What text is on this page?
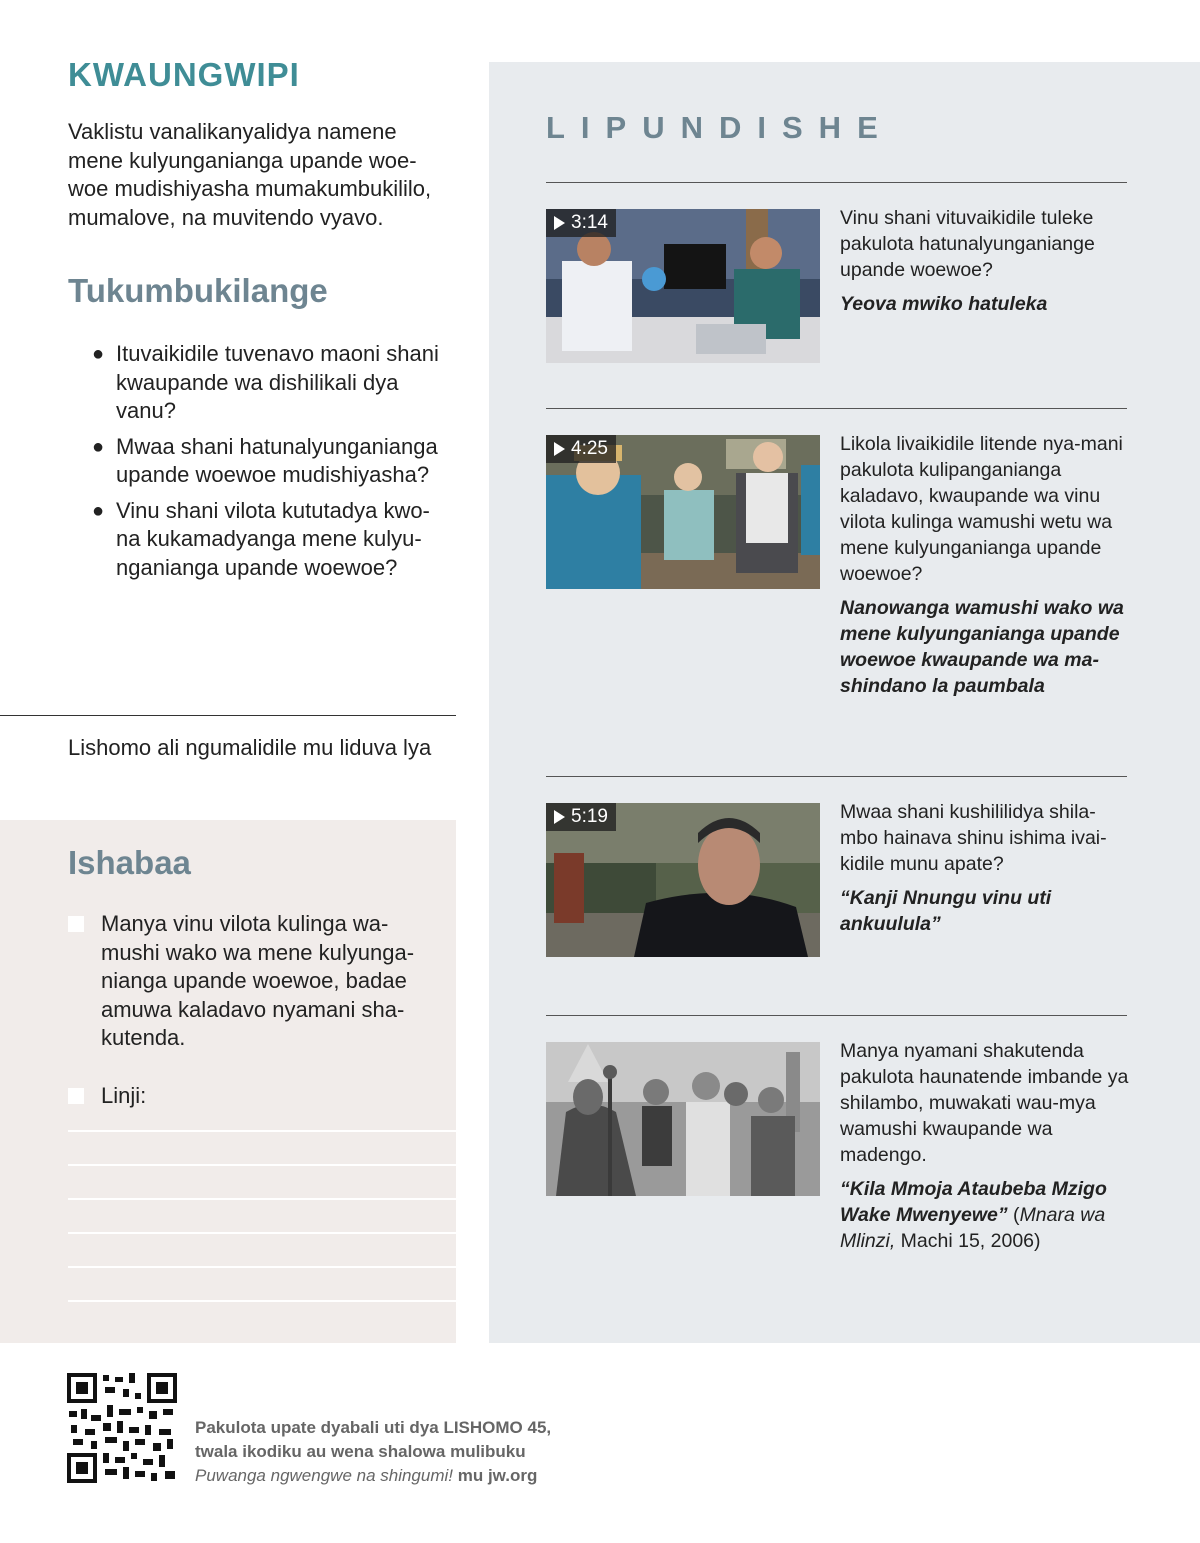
KWAUNGWIPI

Vaklistu vanalikanyalidya namene mene kulyunganianga upande woe-woe mudishiyasha mumakumbukililo, mumalove, na muvitendo vyavo.

Tukumbukilange
● Ituvaikidile tuvenavo maoni shani kwaupande wa dishilikali dya vanu?
● Mwaa shani hatunalyunganianga upande woewoe mudishiyasha?
● Vinu shani vilota kututadya kwo-na kukamadyanga mene kulyu-nganianga upande woewoe?

Lishomo ali ngumalidile mu liduva lya

Ishabaa

Manya vinu vilota kulinga wa-mushi wako wa mene kulyunga-nianga upande woewoe, badae amuwa kaladavo nyamani sha-kutenda.

Linji:

LIPUNDISHE
3:14	Vinu shani vituvaikidile tuleke pakulota hatunalyunganiange upande woewoe?

Yeova mwiko hatuleka

4:25	Likola livaikidile litende nya-mani pakulota kulipanganianga kaladavo, kwaupande wa vinu vilota kulinga wamushi wetu wa mene kulyunganianga upande woewoe?

Nanowanga wamushi wako wa mene kulyunganianga upande woewoe kwaupande wa ma-shindano la paumbala

5:19	Mwaa shani kushililidya shila-mbo hainava shinu ishima ivai-kidile munu apate?

“Kanji Nnungu vinu uti ankuulula”

Manya nyamani shakutenda pakulota haunatende imbande ya shilambo, muwakati wau-mya wamushi kwaupande wa madengo.

“Kila Mmoja Ataubeba Mzigo Wake Mwenyewe” (Mnara wa Mlinzi, Machi 15, 2006)

Pakulota upate dyabali uti dya LISHOMO 45,
twala ikodiku au wena shalowa mulibuku
Puwanga ngwengwe na shingumi! mu jw.org
